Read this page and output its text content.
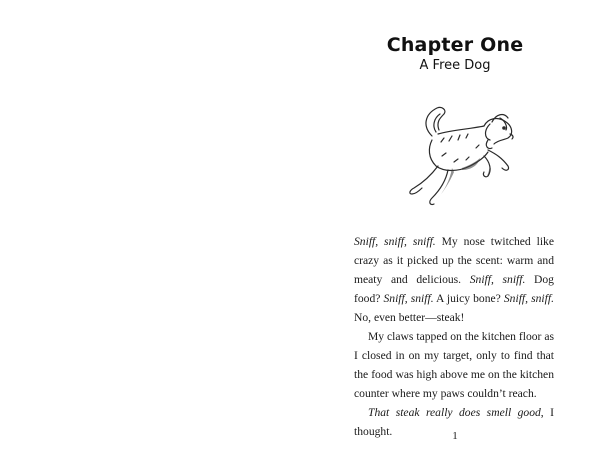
Chapter One
A Free Dog

Sniff, sniff, sniff. My nose twitched like crazy as it picked up the scent: warm and meaty and delicious. Sniff, sniff. Dog food? Sniff, sniff. A juicy bone? Sniff, sniff. No, even better—steak!

My claws tapped on the kitchen floor as I closed in on my target, only to find that the food was high above me on the kitchen counter where my paws couldn’t reach.

That steak really does smell good, I thought.	1
